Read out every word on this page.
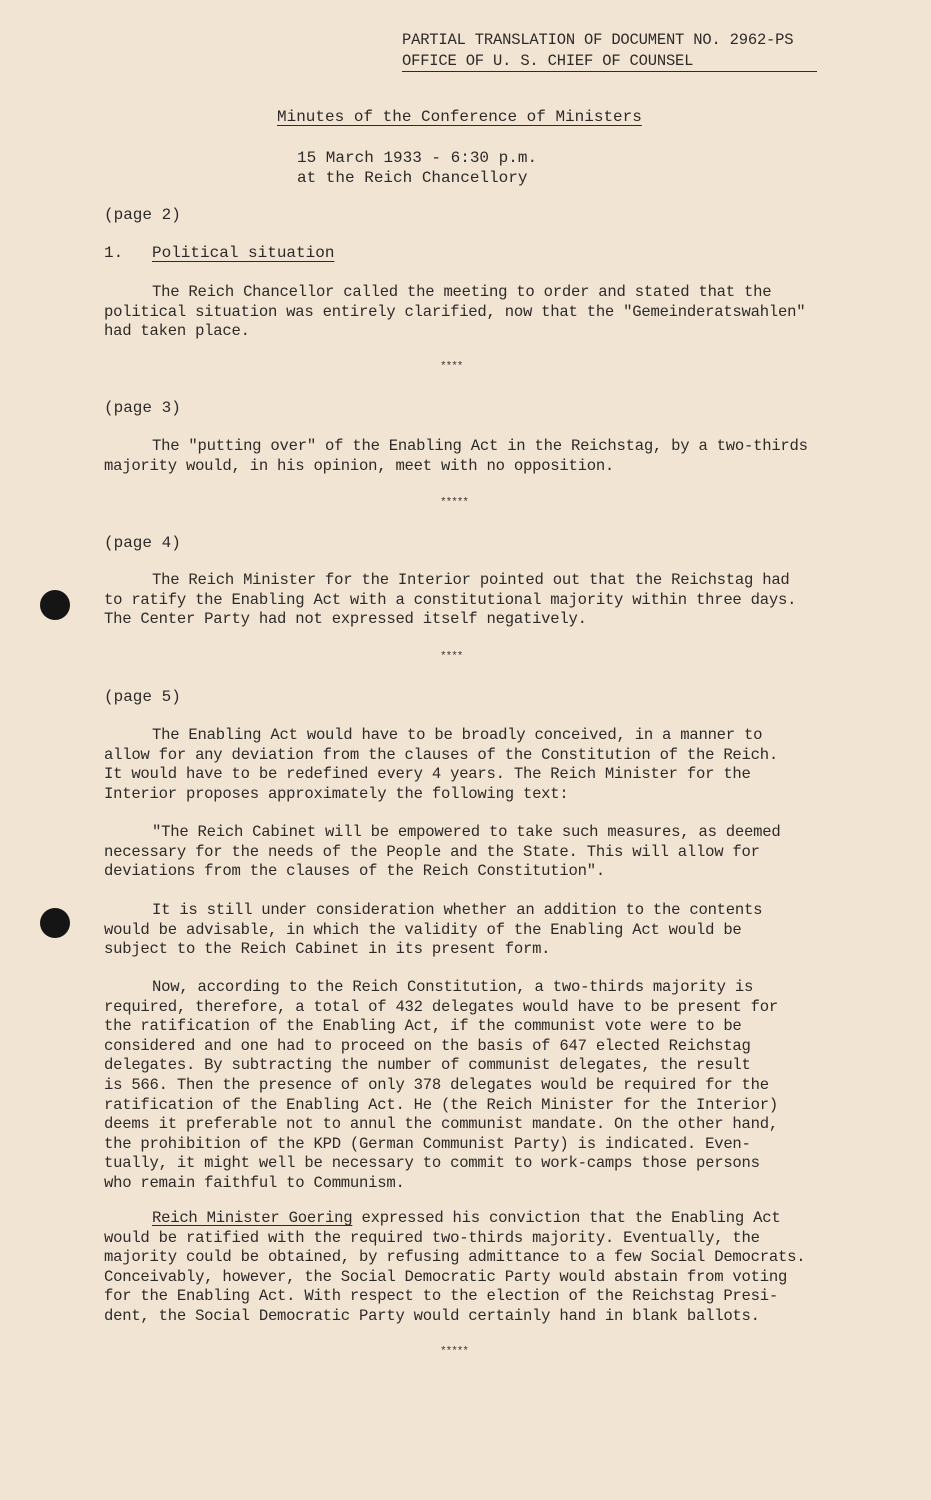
PARTIAL TRANSLATION OF DOCUMENT NO. 2962-PS
OFFICE OF U. S. CHIEF OF COUNSEL
Minutes of the Conference of Ministers
15 March 1933 - 6:30 p.m.
at the Reich Chancellory
(page 2)
1. Political situation
The Reich Chancellor called the meeting to order and stated that the
political situation was entirely clarified, now that the "Gemeinderatswahlen"
had taken place.
****
(page 3)
The "putting over" of the Enabling Act in the Reichstag, by a two-thirds
majority would, in his opinion, meet with no opposition.
*****
(page 4)
The Reich Minister for the Interior pointed out that the Reichstag had
to ratify the Enabling Act with a constitutional majority within three days.
The Center Party had not expressed itself negatively.
****
(page 5)
The Enabling Act would have to be broadly conceived, in a manner to
allow for any deviation from the clauses of the Constitution of the Reich.
It would have to be redefined every 4 years. The Reich Minister for the
Interior proposes approximately the following text:
"The Reich Cabinet will be empowered to take such measures, as deemed
necessary for the needs of the People and the State. This will allow for
deviations from the clauses of the Reich Constitution".
It is still under consideration whether an addition to the contents
would be advisable, in which the validity of the Enabling Act would be
subject to the Reich Cabinet in its present form.
Now, according to the Reich Constitution, a two-thirds majority is
required, therefore, a total of 432 delegates would have to be present for
the ratification of the Enabling Act, if the communist vote were to be
considered and one had to proceed on the basis of 647 elected Reichstag
delegates. By subtracting the number of communist delegates, the result
is 566. Then the presence of only 378 delegates would be required for the
ratification of the Enabling Act. He (the Reich Minister for the Interior)
deems it preferable not to annul the communist mandate. On the other hand,
the prohibition of the KPD (German Communist Party) is indicated. Even-
tually, it might well be necessary to commit to work-camps those persons
who remain faithful to Communism.
Reich Minister Goering expressed his conviction that the Enabling Act
would be ratified with the required two-thirds majority. Eventually, the
majority could be obtained, by refusing admittance to a few Social Democrats.
Conceivably, however, the Social Democratic Party would abstain from voting
for the Enabling Act. With respect to the election of the Reichstag Presi-
dent, the Social Democratic Party would certainly hand in blank ballots.
*****
